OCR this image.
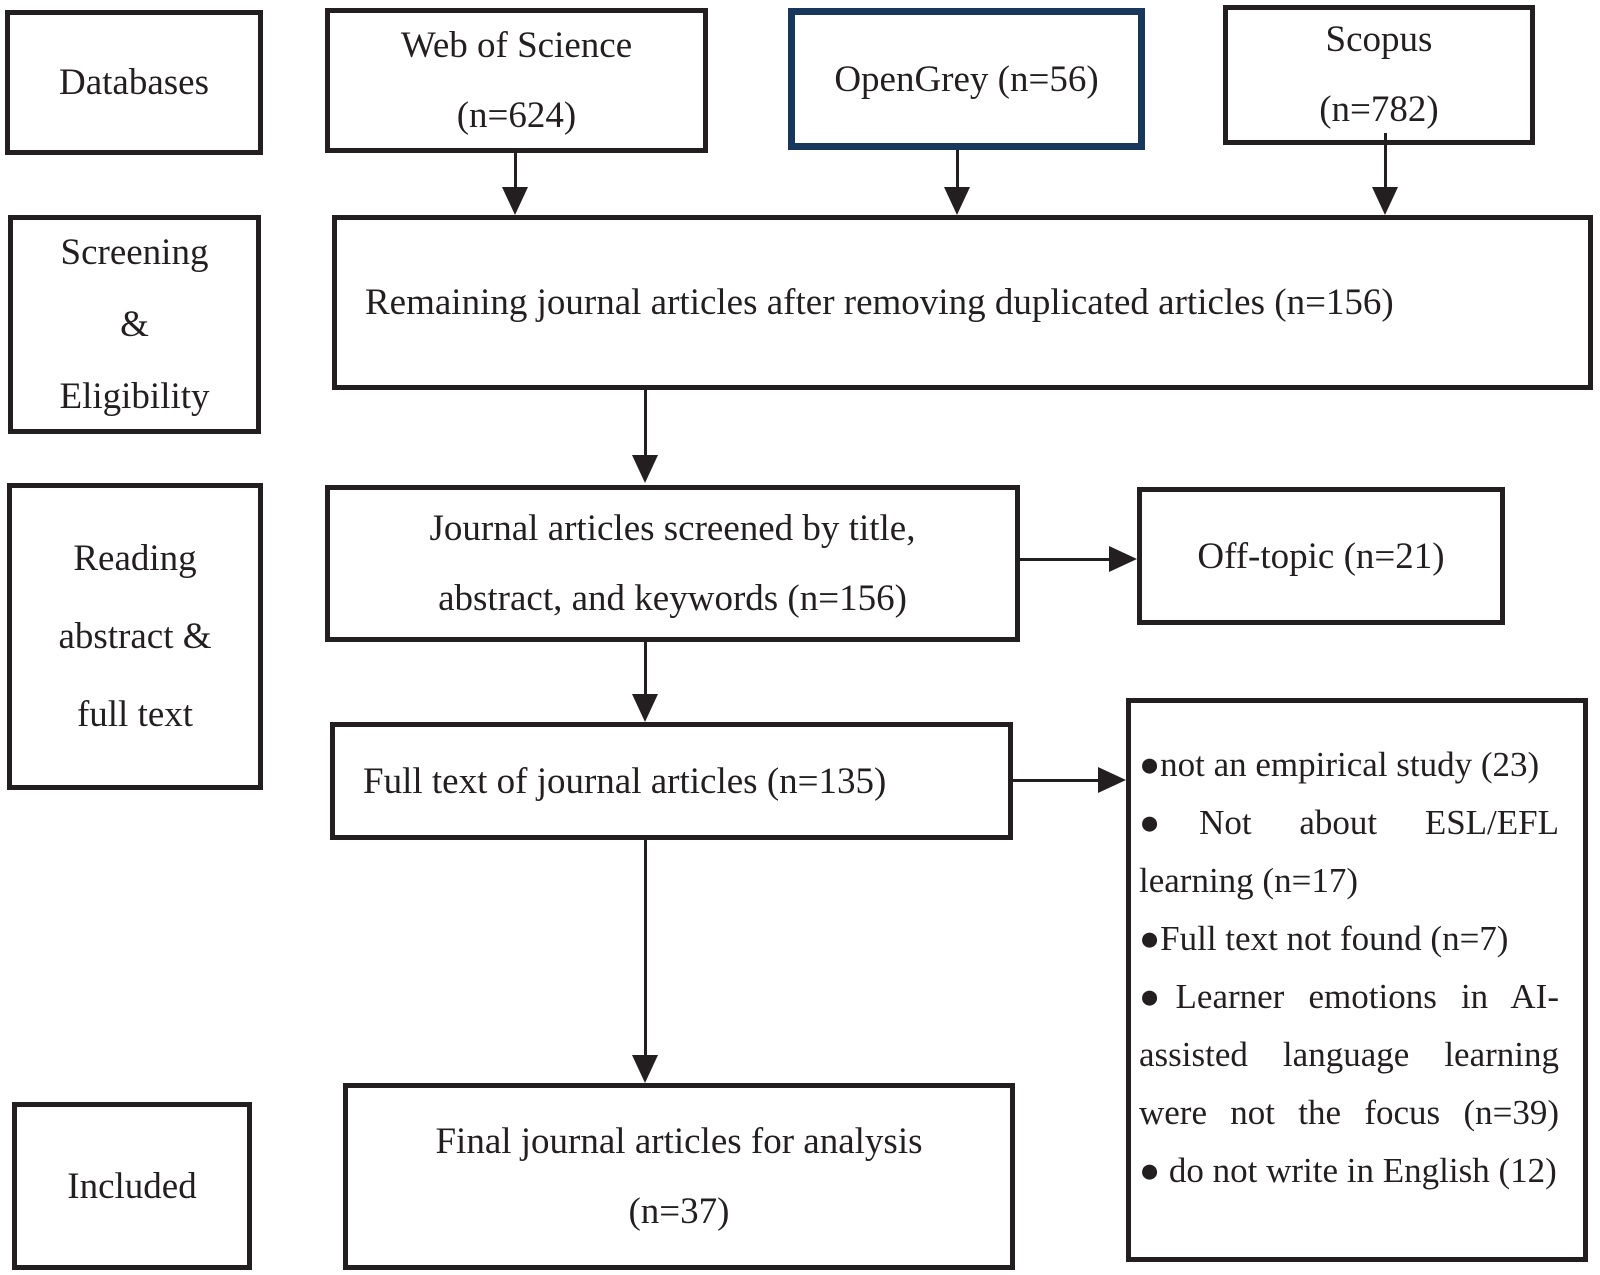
Databases
Screening
&
Eligibility
Reading
abstract &
full text
Included
Web of Science
(n=624)
OpenGrey (n=56)
Scopus
(n=782)
Remaining journal articles after removing duplicated articles (n=156)
Journal articles screened by title,
abstract, and keywords (n=156)
Off-topic (n=21)
Full text of journal articles (n=135)	●not an empirical study (23)
●Not about ESL/EFL
learning (n=17)
●Full text not found (n=7)
●Learner emotions in AI-
assisted language learning
were not the focus (n=39)
● do not write in English (12)
Final journal articles for analysis
(n=37)
